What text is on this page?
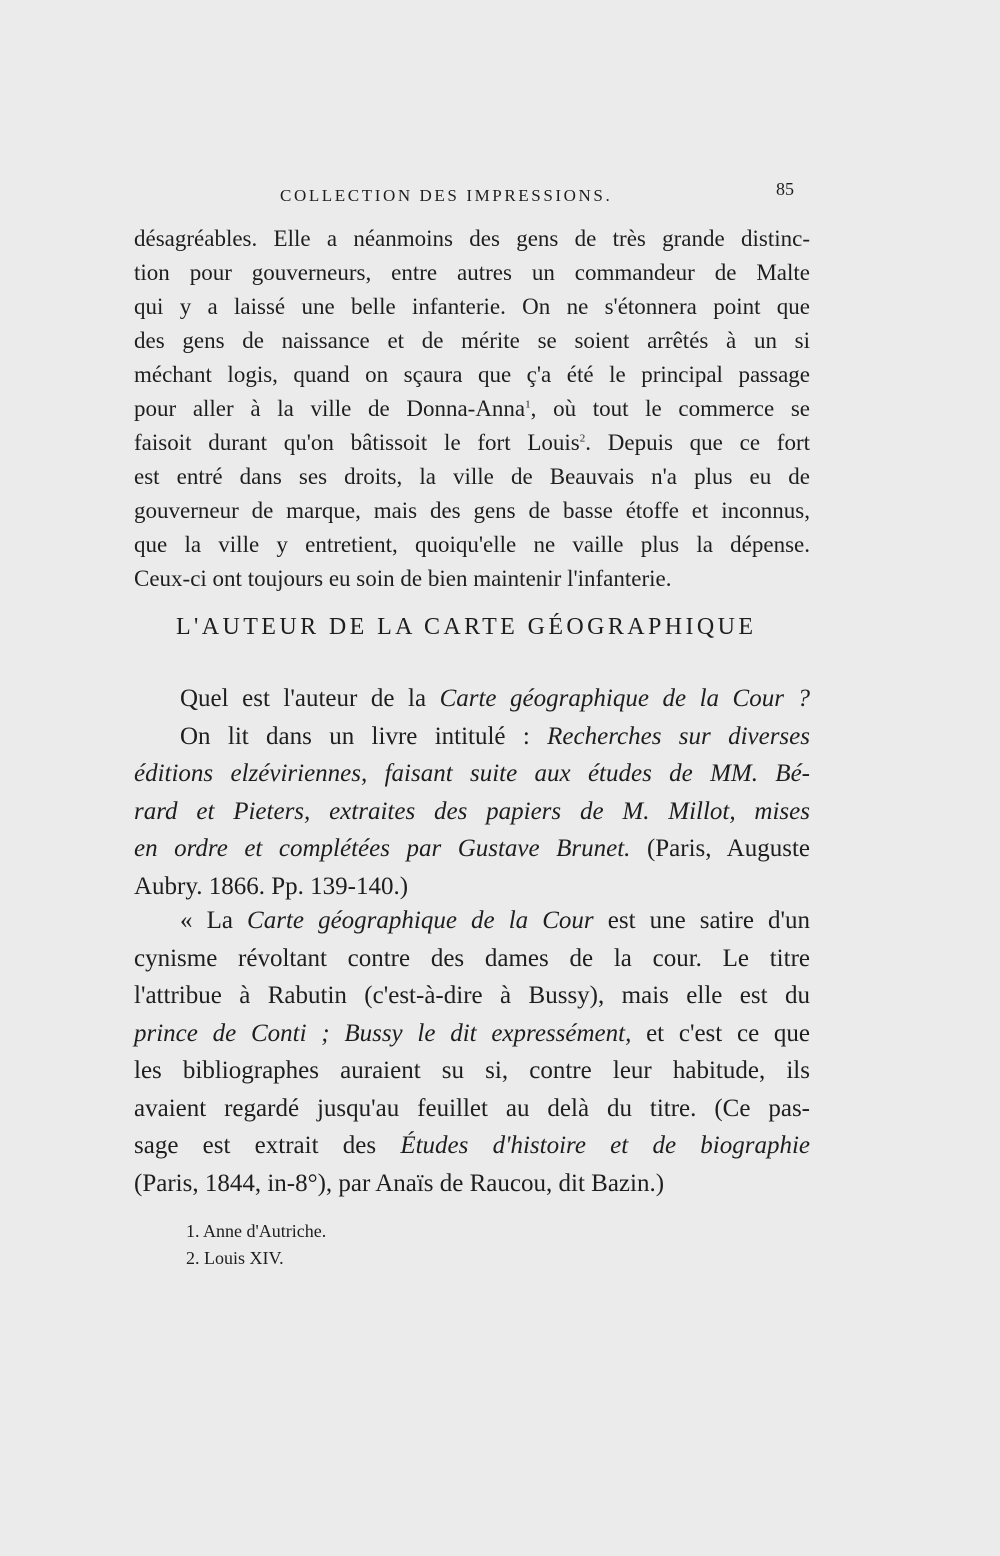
COLLECTION DES IMPRESSIONS.	85
désagréables. Elle a néanmoins des gens de très grande distinc-
tion pour gouverneurs, entre autres un commandeur de Malte
qui y a laissé une belle infanterie. On ne s'étonnera point que
des gens de naissance et de mérite se soient arrêtés à un si
méchant logis, quand on sçaura que ç'a été le principal passage
pour aller à la ville de Donna-Anna$^1$, où tout le commerce se
faisoit durant qu'on bâtissoit le fort Louis$^2$. Depuis que ce fort
est entré dans ses droits, la ville de Beauvais n'a plus eu de
gouverneur de marque, mais des gens de basse étoffe et inconnus,
que la ville y entretient, quoiqu'elle ne vaille plus la dépense.
Ceux-ci ont toujours eu soin de bien maintenir l'infanterie.
L'AUTEUR DE LA CARTE GÉOGRAPHIQUE
Quel est l'auteur de la Carte géographique de la Cour ?
On lit dans un livre intitulé : Recherches sur diverses
éditions elzéviriennes, faisant suite aux études de MM. Bé-
rard et Pieters, extraites des papiers de M. Millot, mises
en ordre et complétées par Gustave Brunet. (Paris, Auguste
Aubry. 1866. Pp. 139-140.)
« La Carte géographique de la Cour est une satire d'un
cynisme révoltant contre des dames de la cour. Le titre
l'attribue à Rabutin (c'est-à-dire à Bussy), mais elle est du
prince de Conti ; Bussy le dit expressément, et c'est ce que
les bibliographes auraient su si, contre leur habitude, ils
avaient regardé jusqu'au feuillet au delà du titre. (Ce pas-
sage est extrait des Études d'histoire et de biographie
(Paris, 1844, in-8°), par Anaïs de Raucou, dit Bazin.)
1. Anne d'Autriche.
2. Louis XIV.
